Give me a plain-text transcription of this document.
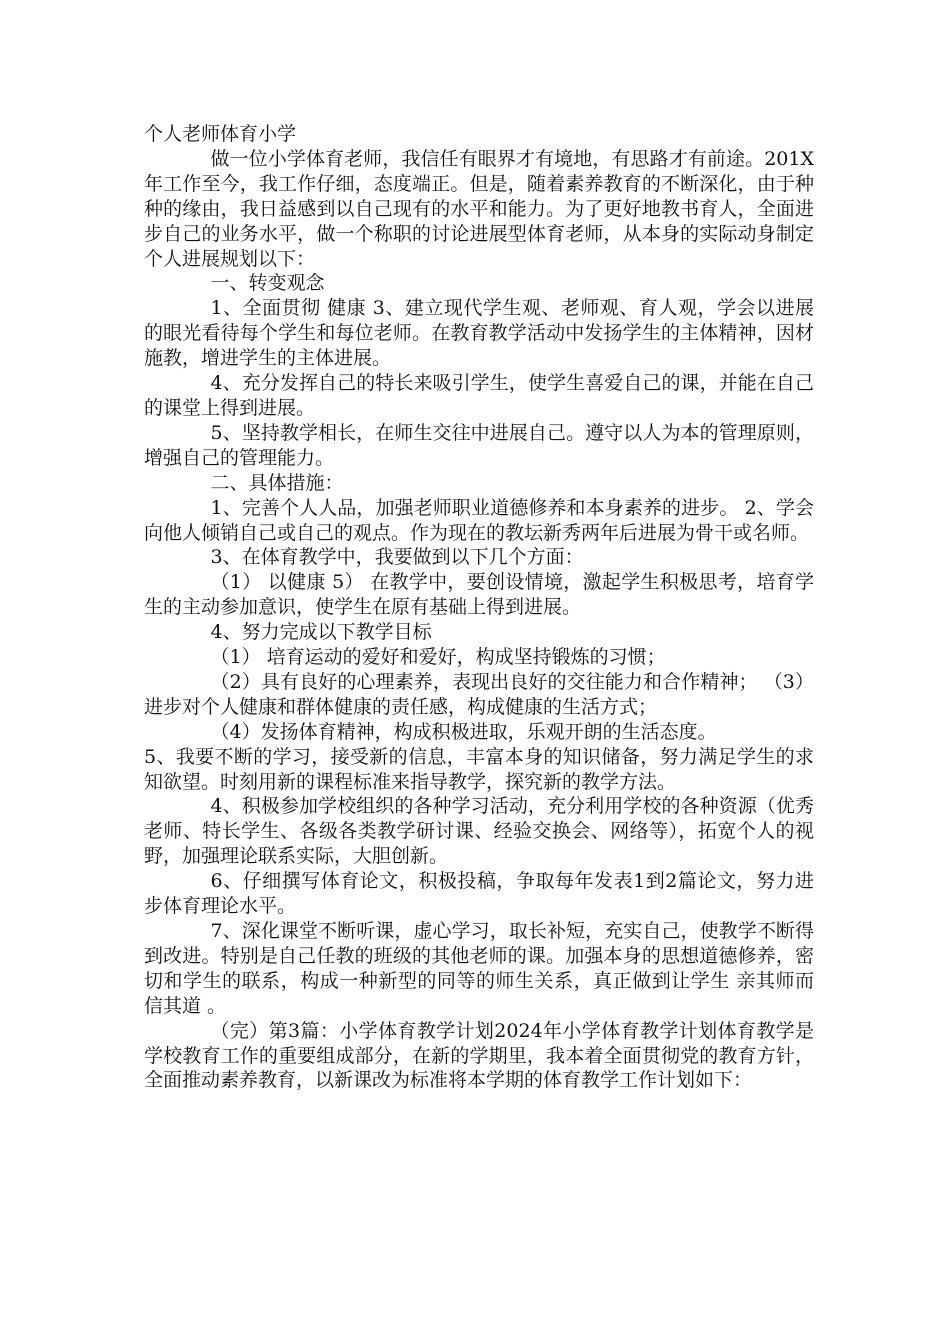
个人老师体育小学

做一位小学体育老师，我信任有眼界才有境地，有思路才有前途。201X年工作至今，我工作仔细，态度端正。但是，随着素养教育的不断深化，由于种种的缘由，我日益感到以自己现有的水平和能力。为了更好地教书育人，全面进步自己的业务水平，做一个称职的讨论进展型体育老师，从本身的实际动身制定个人进展规划以下：

一、转变观念

1、全面贯彻 健康 3、建立现代学生观、老师观、育人观，学会以进展的眼光看待每个学生和每位老师。在教育教学活动中发扬学生的主体精神，因材施教，增进学生的主体进展。

4、充分发挥自己的特长来吸引学生，使学生喜爱自己的课，并能在自己的课堂上得到进展。

5、坚持教学相长，在师生交往中进展自己。遵守以人为本的管理原则，增强自己的管理能力。

二、具体措施：

1、完善个人人品，加强老师职业道德修养和本身素养的进步。 2、学会向他人倾销自己或自己的观点。作为现在的教坛新秀两年后进展为骨干或名师。

3、在体育教学中，我要做到以下几个方面：

（1） 以健康 5） 在教学中，要创设情境，激起学生积极思考，培育学生的主动参加意识，使学生在原有基础上得到进展。

4、努力完成以下教学目标

（1） 培育运动的爱好和爱好，构成坚持锻炼的习惯；

（2）具有良好的心理素养，表现出良好的交往能力和合作精神； （3）进步对个人健康和群体健康的责任感，构成健康的生活方式；

（4）发扬体育精神，构成积极进取，乐观开朗的生活态度。

5、我要不断的学习，接受新的信息，丰富本身的知识储备，努力满足学生的求知欲望。时刻用新的课程标准来指导教学，探究新的教学方法。

4、积极参加学校组织的各种学习活动，充分利用学校的各种资源（优秀老师、特长学生、各级各类教学研讨课、经验交换会、网络等），拓宽个人的视野，加强理论联系实际，大胆创新。

6、仔细撰写体育论文，积极投稿，争取每年发表1到2篇论文，努力进步体育理论水平。

7、深化课堂不断听课，虚心学习，取长补短，充实自己，使教学不断得到改进。特别是自己任教的班级的其他老师的课。加强本身的思想道德修养，密切和学生的联系，构成一种新型的同等的师生关系，真正做到让学生 亲其师而信其道 。

（完）第3篇：小学体育教学计划2024年小学体育教学计划体育教学是学校教育工作的重要组成部分，在新的学期里，我本着全面贯彻党的教育方针，全面推动素养教育，以新课改为标准将本学期的体育教学工作计划如下：
